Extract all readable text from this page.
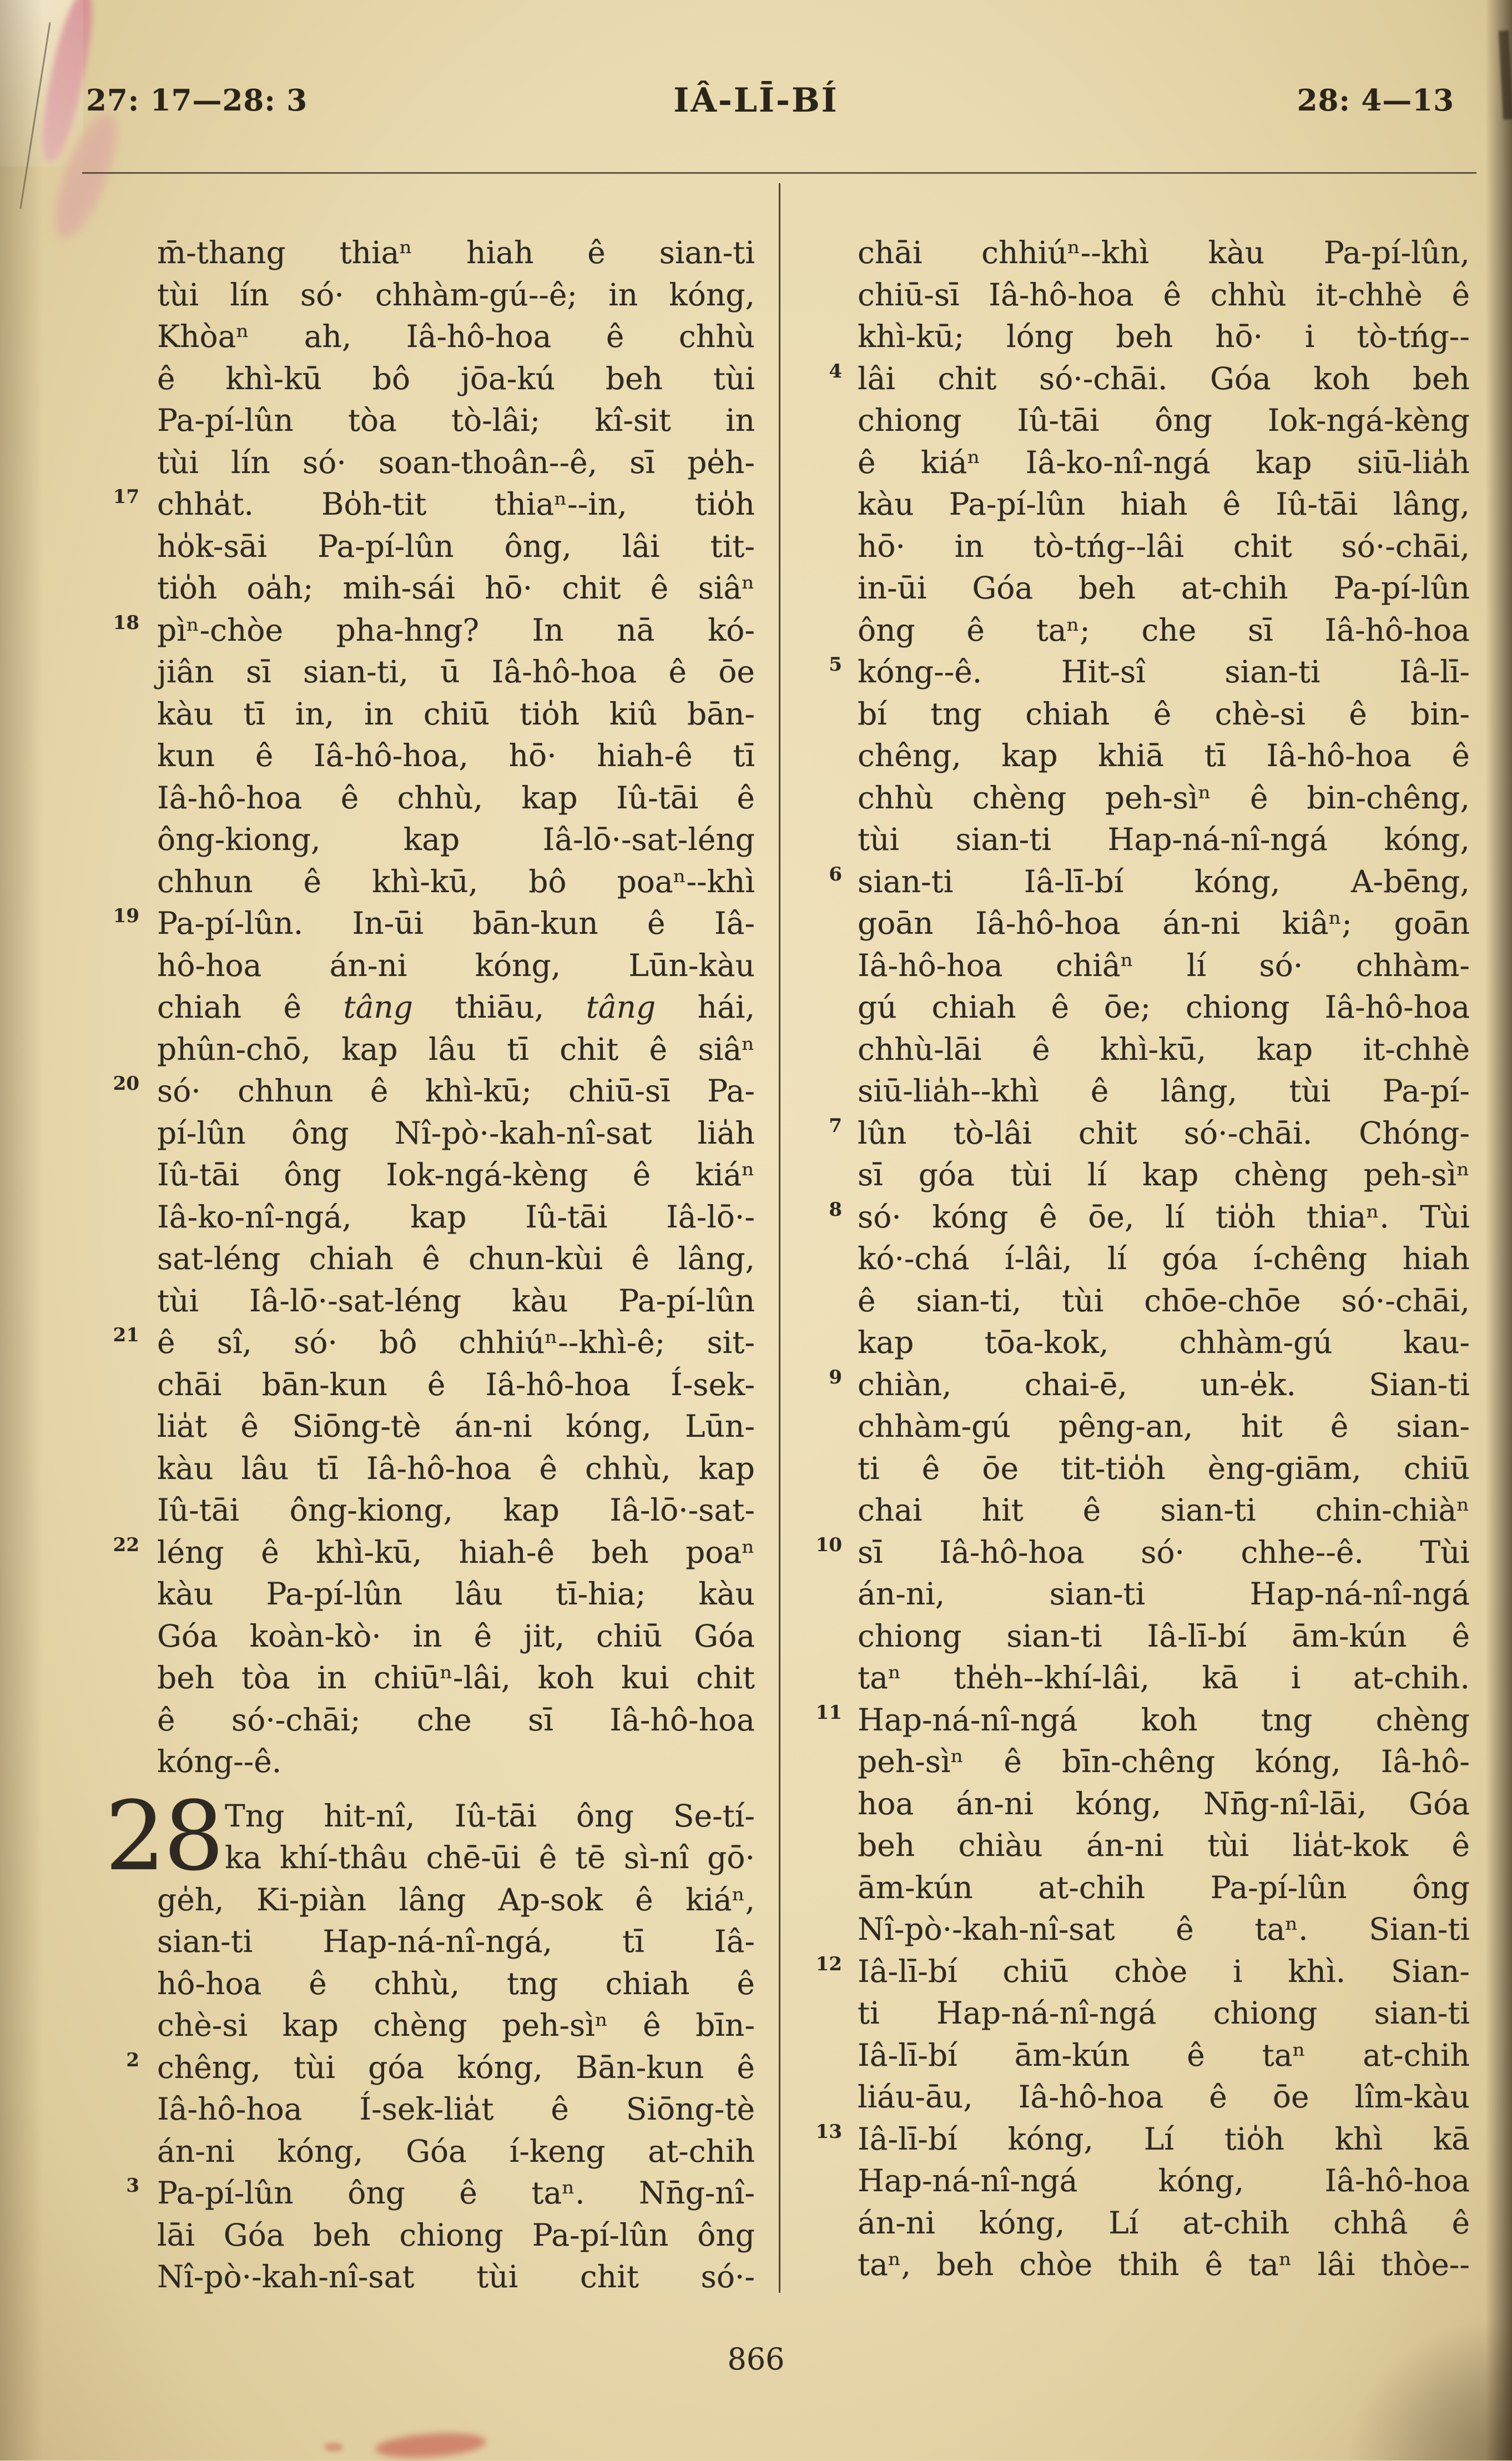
27: 17—28: 3	IÂ-LĪ-BÍ	28: 4—13
m̄-thang thiaⁿ hiah ê sian-ti
tùi lín só· chhàm-gú--ê; in kóng,
Khòaⁿ ah, Iâ-hô-hoa ê chhù
ê khì-kū bô jōa-kú beh tùi
Pa-pí-lûn tòa tò-lâi; kî-sit in
tùi lín só· soan-thoân--ê, sī pe̍h-
17 chha̍t. Bo̍h-tit thiaⁿ--in, tio̍h
ho̍k-sāi Pa-pí-lûn ông, lâi tit-
tio̍h oa̍h; mih-sái hō· chit ê siâⁿ
18 pìⁿ-chòe pha-hng? In nā kó-
jiân sī sian-ti, ū Iâ-hô-hoa ê ōe
kàu tī in, in chiū tio̍h kiû bān-
kun ê Iâ-hô-hoa, hō· hiah-ê tī
Iâ-hô-hoa ê chhù, kap Iû-tāi ê
ông-kiong,	kap	Iâ-lō·-sat-léng
chhun ê khì-kū, bô poaⁿ--khì
19 Pa-pí-lûn. In-ūi bān-kun ê Iâ-
hô-hoa án-ni kóng, Lūn-kàu
chiah ê tâng thiāu, tâng hái,
phûn-chō, kap lâu tī chit ê siâⁿ
20 só· chhun ê khì-kū; chiū-sī Pa-
pí-lûn ông Nî-pò·-kah-nî-sat lia̍h
Iû-tāi ông Iok-ngá-kèng ê kiáⁿ
Iâ-ko-nî-ngá, kap Iû-tāi Iâ-lō·-
sat-léng chiah ê chun-kùi ê lâng,
tùi Iâ-lō·-sat-léng kàu Pa-pí-lûn
21 ê sî, só· bô chhiúⁿ--khì-ê; sit-
chāi bān-kun ê Iâ-hô-hoa Í-sek-
lia̍t ê Siōng-tè án-ni kóng, Lūn-
kàu lâu tī Iâ-hô-hoa ê chhù, kap
Iû-tāi ông-kiong, kap Iâ-lō·-sat-
22 léng ê khì-kū, hiah-ê beh poaⁿ
kàu Pa-pí-lûn lâu tī-hia; kàu
Góa koàn-kò· in ê jit, chiū Góa
beh tòa in chiūⁿ-lâi, koh kui chit
ê só·-chāi; che sī Iâ-hô-hoa
kóng--ê.
28 Tng hit-nî, Iû-tāi ông Se-tí-
ka khí-thâu chē-ūi ê tē sì-nî gō·
ge̍h, Ki-piàn lâng Ap-sok ê kiáⁿ,
sian-ti Hap-ná-nî-ngá, tī Iâ-
hô-hoa ê chhù, tng chiah ê
chè-si kap chèng peh-sìⁿ ê bīn-
2 chêng, tùi góa kóng, Bān-kun ê
Iâ-hô-hoa Í-sek-lia̍t ê Siōng-tè
án-ni kóng, Góa í-keng at-chih
3 Pa-pí-lûn ông ê taⁿ. Nn̄g-nî-
lāi Góa beh chiong Pa-pí-lûn ông
Nî-pò·-kah-nî-sat tùi chit só·-
chāi chhiúⁿ--khì kàu Pa-pí-lûn,
chiū-sī Iâ-hô-hoa ê chhù it-chhè ê
khì-kū; lóng beh hō· i tò-tńg--
4 lâi chit só·-chāi. Góa koh beh
chiong Iû-tāi ông Iok-ngá-kèng
ê kiáⁿ Iâ-ko-nî-ngá kap siū-lia̍h
kàu Pa-pí-lûn hiah ê Iû-tāi lâng,
hō· in tò-tńg--lâi chit só·-chāi,
in-ūi Góa beh at-chih Pa-pí-lûn
ông ê taⁿ; che sī Iâ-hô-hoa
5 kóng--ê.	Hit-sî	sian-ti	Iâ-lī-
bí tng chiah ê chè-si ê bin-
chêng, kap khiā tī Iâ-hô-hoa ê
chhù chèng peh-sìⁿ ê bin-chêng,
tùi sian-ti Hap-ná-nî-ngá kóng,
6 sian-ti Iâ-lī-bí kóng, A-bēng,
goān Iâ-hô-hoa án-ni kiâⁿ; goān
Iâ-hô-hoa chiâⁿ lí só· chhàm-
gú chiah ê ōe; chiong Iâ-hô-hoa
chhù-lāi ê khì-kū, kap it-chhè
siū-lia̍h--khì ê lâng, tùi Pa-pí-
7 lûn tò-lâi chit só·-chāi. Chóng-
sī góa tùi lí kap chèng peh-sìⁿ
8 só· kóng ê ōe, lí tio̍h thiaⁿ. Tùi
kó·-chá í-lâi, lí góa í-chêng hiah
ê sian-ti, tùi chōe-chōe só·-chāi,
kap tōa-kok, chhàm-gú kau-
9 chiàn, chai-ē, un-e̍k. Sian-ti
chhàm-gú pêng-an, hit ê sian-
ti ê ōe tit-tio̍h èng-giām, chiū
chai hit ê sian-ti chin-chiàⁿ
10 sī Iâ-hô-hoa só· chhe--ê. Tùi
án-ni,	sian-ti	Hap-ná-nî-ngá
chiong sian-ti Iâ-lī-bí ām-kún ê
taⁿ the̍h--khí-lâi, kā i at-chih.
11 Hap-ná-nî-ngá koh tng chèng
peh-sìⁿ ê bīn-chêng kóng, Iâ-hô-
hoa án-ni kóng, Nn̄g-nî-lāi, Góa
beh chiàu án-ni tùi lia̍t-kok ê
ām-kún at-chih Pa-pí-lûn ông
Nî-pò·-kah-nî-sat ê taⁿ. Sian-ti
12 Iâ-lī-bí chiū chòe i khì. Sian-
ti Hap-ná-nî-ngá chiong sian-ti
Iâ-lī-bí ām-kún ê taⁿ at-chih
liáu-āu, Iâ-hô-hoa ê ōe lîm-kàu
13 Iâ-lī-bí kóng, Lí tio̍h khì kā
Hap-ná-nî-ngá	kóng,	Iâ-hô-hoa
án-ni kóng, Lí at-chih chhâ ê
taⁿ, beh chòe thih ê taⁿ lâi thòe--
866
